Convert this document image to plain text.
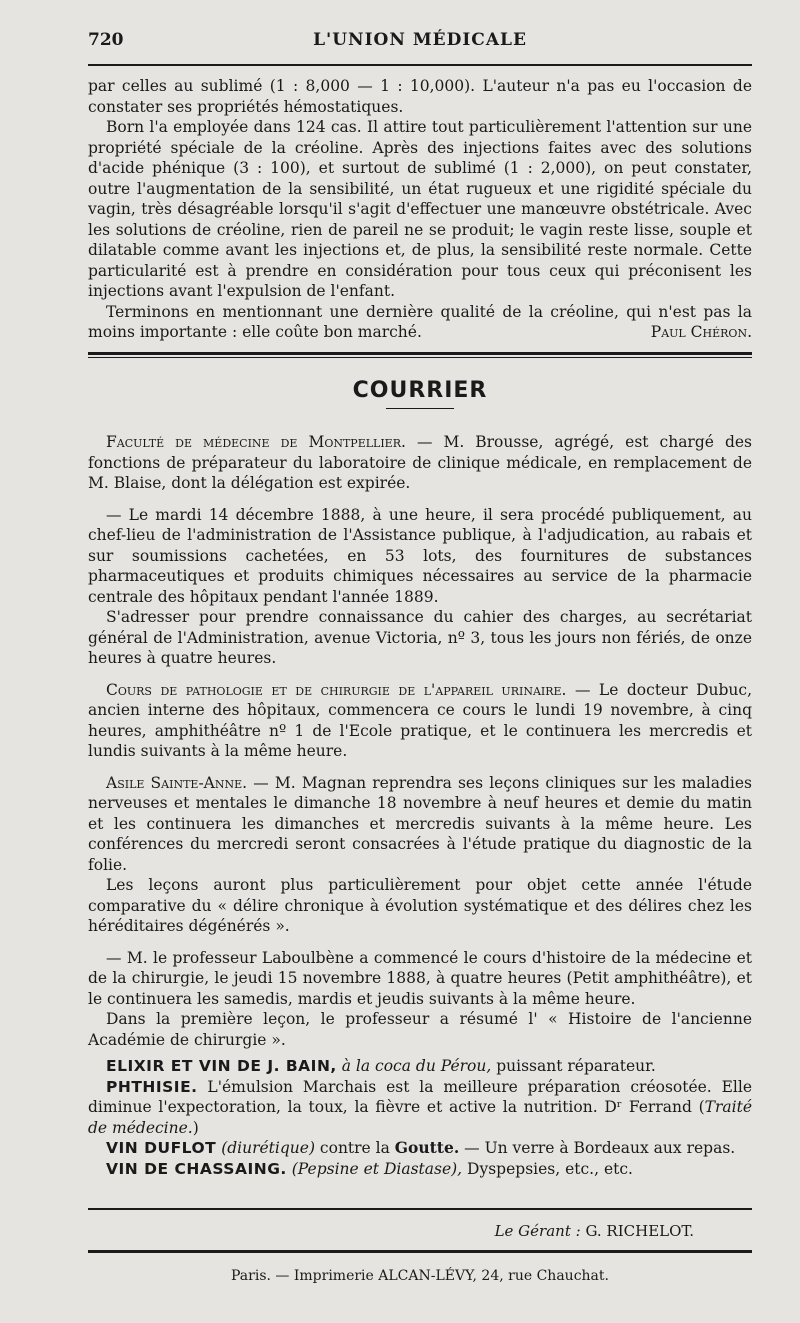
720	L'UNION MÉDICALE

par celles au sublimé (1 : 8,000 — 1 : 10,000). L'auteur n'a pas eu l'occasion de constater ses propriétés hémostatiques.

Born l'a employée dans 124 cas. Il attire tout particulièrement l'attention sur une propriété spéciale de la créoline. Après des injections faites avec des solutions d'acide phénique (3 : 100), et surtout de sublimé (1 : 2,000), on peut constater, outre l'augmentation de la sensibilité, un état rugueux et une rigidité spéciale du vagin, très désagréable lorsqu'il s'agit d'effectuer une manœuvre obstétricale. Avec les solutions de créoline, rien de pareil ne se produit; le vagin reste lisse, souple et dilatable comme avant les injections et, de plus, la sensibilité reste normale. Cette particularité est à prendre en considération pour tous ceux qui préconisent les injections avant l'expulsion de l'enfant.

Terminons en mentionnant une dernière qualité de la créoline, qui n'est pas la moins importante : elle coûte bon marché.	Paul Chéron.

COURRIER

Faculté de médecine de Montpellier. — M. Brousse, agrégé, est chargé des fonctions de préparateur du laboratoire de clinique médicale, en remplacement de M. Blaise, dont la délégation est expirée.

— Le mardi 14 décembre 1888, à une heure, il sera procédé publiquement, au chef-lieu de l'administration de l'Assistance publique, à l'adjudication, au rabais et sur soumissions cachetées, en 53 lots, des fournitures de substances pharmaceutiques et produits chimiques nécessaires au service de la pharmacie centrale des hôpitaux pendant l'année 1889.

S'adresser pour prendre connaissance du cahier des charges, au secrétariat général de l'Administration, avenue Victoria, nº 3, tous les jours non fériés, de onze heures à quatre heures.

Cours de pathologie et de chirurgie de l'appareil urinaire. — Le docteur Dubuc, ancien interne des hôpitaux, commencera ce cours le lundi 19 novembre, à cinq heures, amphithéâtre nº 1 de l'Ecole pratique, et le continuera les mercredis et lundis suivants à la même heure.

Asile Sainte-Anne. — M. Magnan reprendra ses leçons cliniques sur les maladies nerveuses et mentales le dimanche 18 novembre à neuf heures et demie du matin et les continuera les dimanches et mercredis suivants à la même heure. Les conférences du mercredi seront consacrées à l'étude pratique du diagnostic de la folie.

Les leçons auront plus particulièrement pour objet cette année l'étude comparative du « délire chronique à évolution systématique et des délires chez les héréditaires dégénérés ».

— M. le professeur Laboulbène a commencé le cours d'histoire de la médecine et de la chirurgie, le jeudi 15 novembre 1888, à quatre heures (Petit amphithéâtre), et le continuera les samedis, mardis et jeudis suivants à la même heure.

Dans la première leçon, le professeur a résumé l' « Histoire de l'ancienne Académie de chirurgie ».

ELIXIR ET VIN DE J. BAIN, à la coca du Pérou, puissant réparateur.

PHTHISIE. L'émulsion Marchais est la meilleure préparation créosotée. Elle diminue l'expectoration, la toux, la fièvre et active la nutrition. Dʳ Ferrand (Traité de médecine.)

VIN DUFLOT (diurétique) contre la Goutte. — Un verre à Bordeaux aux repas.

VIN DE CHASSAING. (Pepsine et Diastase), Dyspepsies, etc., etc.

Le Gérant : G. RICHELOT.
Paris. — Imprimerie ALCAN-LÉVY, 24, rue Chauchat.
